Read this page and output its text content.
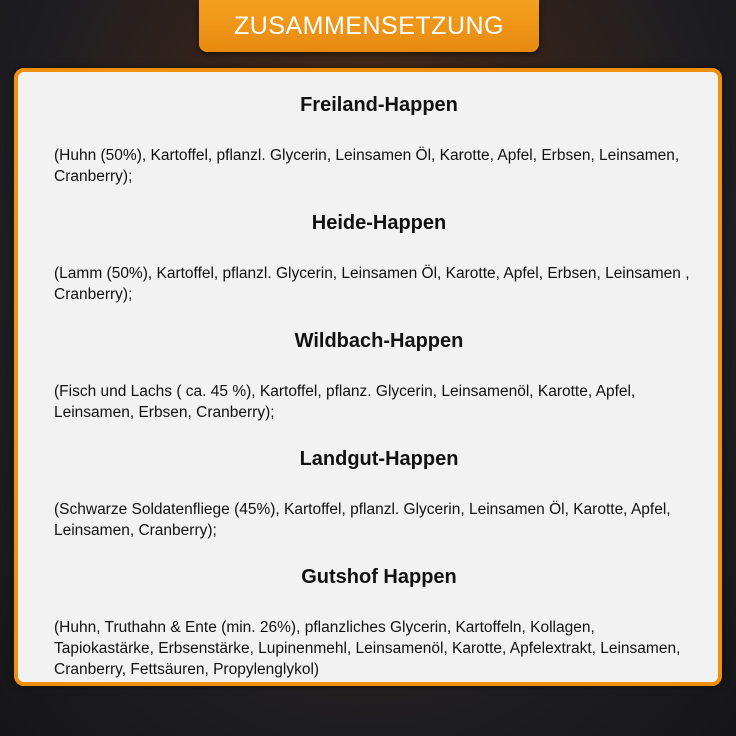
ZUSAMMENSETZUNG

Freiland-Happen

(Huhn (50%), Kartoffel, pflanzl. Glycerin, Leinsamen Öl, Karotte, Apfel, Erbsen, Leinsamen, Cranberry);

Heide-Happen

(Lamm (50%), Kartoffel, pflanzl. Glycerin, Leinsamen Öl, Karotte, Apfel, Erbsen, Leinsamen , Cranberry);

Wildbach-Happen

(Fisch und Lachs ( ca. 45 %), Kartoffel, pflanz. Glycerin, Leinsamenöl, Karotte, Apfel, Leinsamen, Erbsen, Cranberry);

Landgut-Happen

(Schwarze Soldatenfliege (45%), Kartoffel, pflanzl. Glycerin, Leinsamen Öl, Karotte, Apfel, Leinsamen, Cranberry);

Gutshof Happen

(Huhn, Truthahn & Ente (min. 26%), pflanzliches Glycerin, Kartoffeln, Kollagen, Tapiokastärke, Erbsenstärke, Lupinenmehl, Leinsamenöl, Karotte, Apfelextrakt, Leinsamen, Cranberry, Fettsäuren, Propylenglykol)
